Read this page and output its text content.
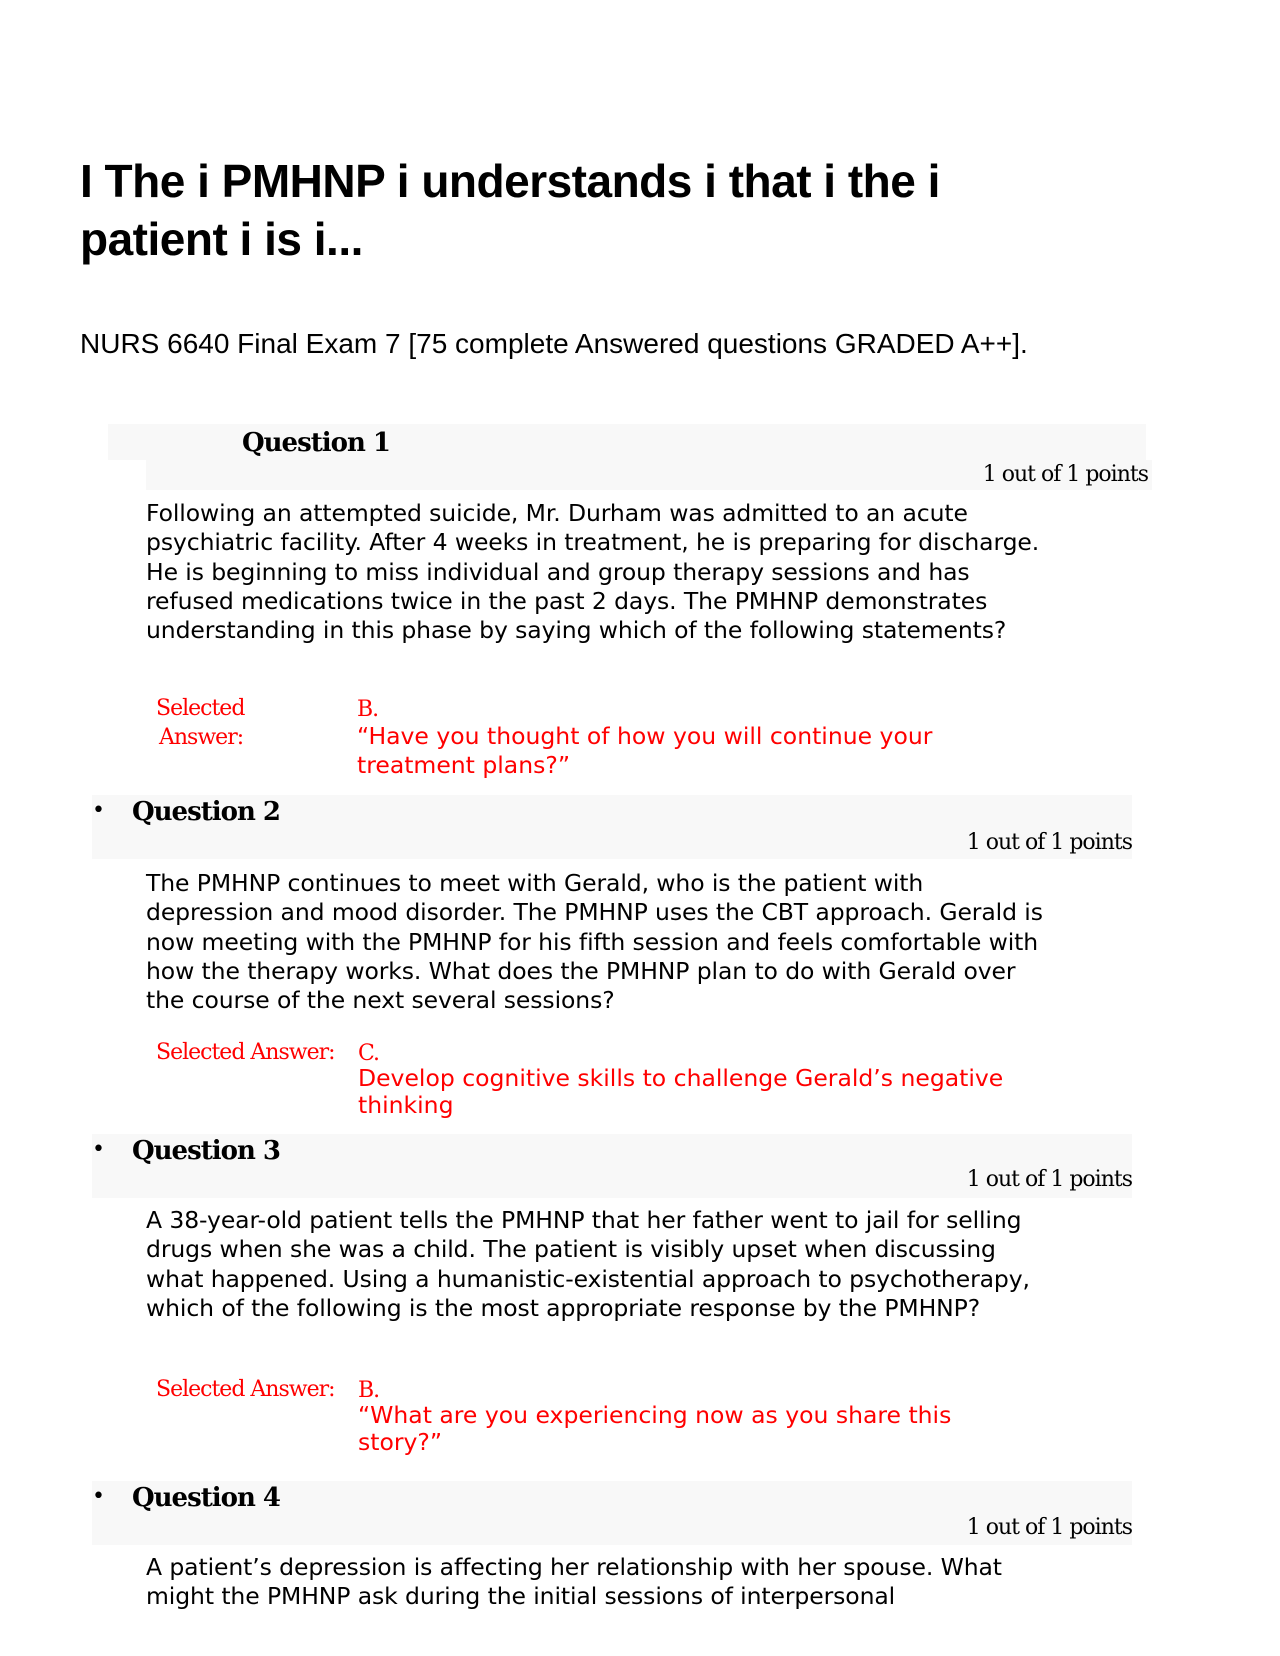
I The i PMHNP i understands i that i the i patient i is i...

NURS 6640 Final Exam 7 [75 complete Answered questions GRADED A++].

Question 1
1 out of 1 points

Following an attempted suicide, Mr. Durham was admitted to an acute psychiatric facility. After 4 weeks in treatment, he is preparing for discharge. He is beginning to miss individual and group therapy sessions and has refused medications twice in the past 2 days. The PMHNP demonstrates understanding in this phase by saying which of the following statements?

Selected
Answer:
B.
“Have you thought of how you will continue your treatment plans?”
• Question 2
1 out of 1 points

The PMHNP continues to meet with Gerald, who is the patient with depression and mood disorder. The PMHNP uses the CBT approach. Gerald is now meeting with the PMHNP for his fifth session and feels comfortable with how the therapy works. What does the PMHNP plan to do with Gerald over the course of the next several sessions?

Selected Answer: C.
Develop cognitive skills to challenge Gerald’s negative thinking
• Question 3
1 out of 1 points

A 38-year-old patient tells the PMHNP that her father went to jail for selling drugs when she was a child. The patient is visibly upset when discussing what happened. Using a humanistic-existential approach to psychotherapy, which of the following is the most appropriate response by the PMHNP?

Selected Answer: B.
“What are you experiencing now as you share this story?”
• Question 4
1 out of 1 points

A patient’s depression is affecting her relationship with her spouse. What might the PMHNP ask during the initial sessions of interpersonal
